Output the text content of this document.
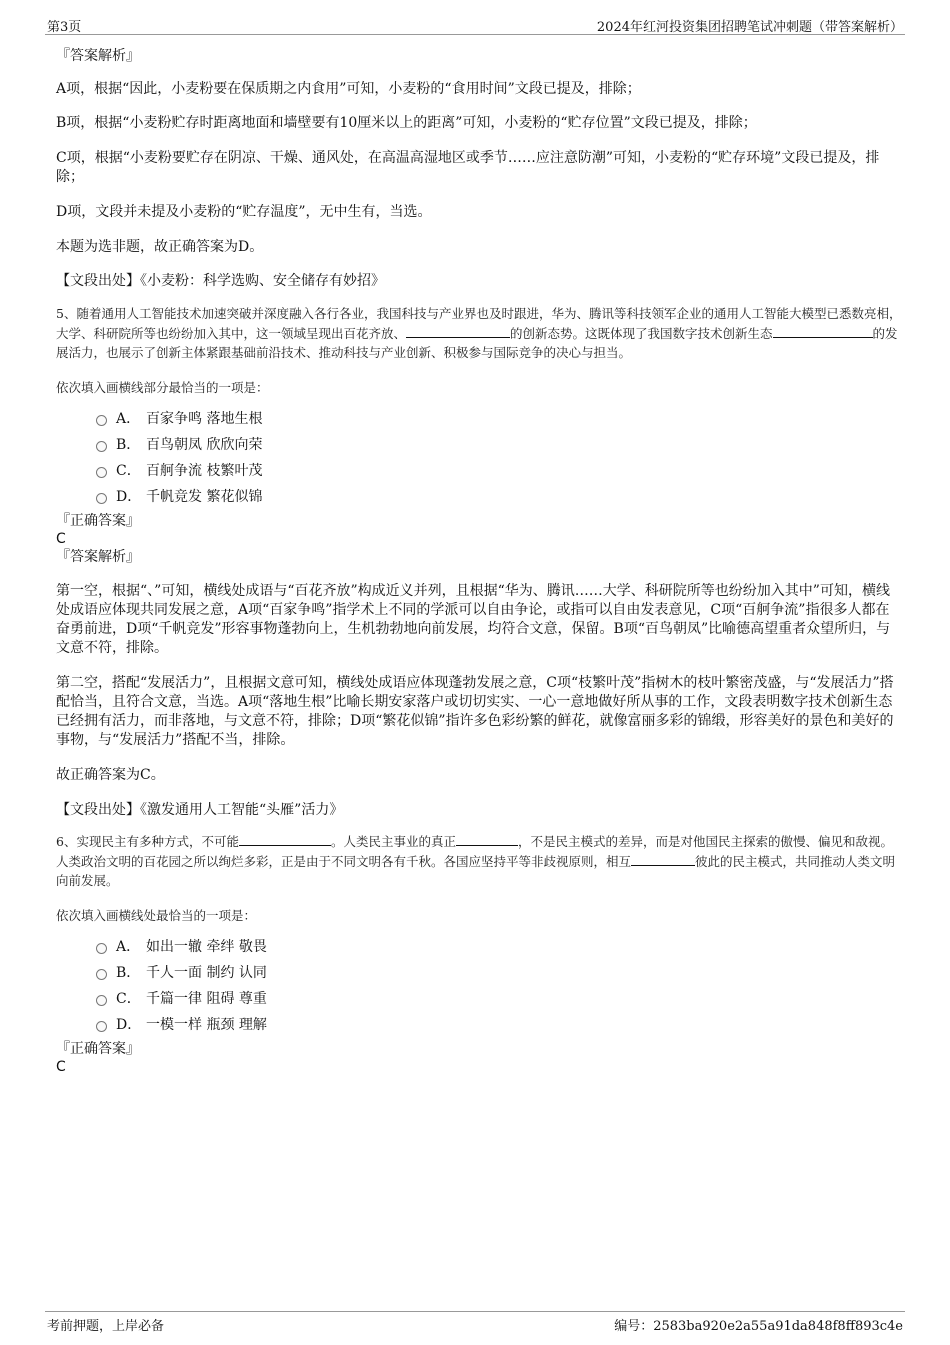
第3页	2024年红河投资集团招聘笔试冲刺题（带答案解析）

『答案解析』

A项，根据“因此，小麦粉要在保质期之内食用”可知，小麦粉的“食用时间”文段已提及，排除；

B项，根据“小麦粉贮存时距离地面和墙壁要有10厘米以上的距离”可知，小麦粉的“贮存位置”文段已提及，排除；

C项，根据“小麦粉要贮存在阴凉、干燥、通风处，在高温高湿地区或季节……应注意防潮”可知，小麦粉的“贮存环境”文段已提及，排除；

D项，文段并未提及小麦粉的“贮存温度”，无中生有，当选。

本题为选非题，故正确答案为D。

【文段出处】《小麦粉：科学选购、安全储存有妙招》

5、随着通用人工智能技术加速突破并深度融入各行各业，我国科技与产业界也及时跟进，华为、腾讯等科技领军企业的通用人工智能大模型已悉数亮相，大学、科研院所等也纷纷加入其中，这一领域呈现出百花齐放、	的创新态势。这既体现了我国数字技术创新生态	的发展活力，也展示了创新主体紧跟基础前沿技术、推动科技与产业创新、积极参与国际竞争的决心与担当。

依次填入画横线部分最恰当的一项是：

A． 百家争鸣 落地生根
B． 百鸟朝凤 欣欣向荣
C． 百舸争流 枝繁叶茂
D． 千帆竞发 繁花似锦

『正确答案』

C

『答案解析』

第一空，根据“、”可知，横线处成语与“百花齐放”构成近义并列，且根据“华为、腾讯……大学、科研院所等也纷纷加入其中”可知，横线处成语应体现共同发展之意，A项“百家争鸣”指学术上不同的学派可以自由争论，或指可以自由发表意见，C项“百舸争流”指很多人都在奋勇前进，D项“千帆竞发”形容事物蓬勃向上，生机勃勃地向前发展，均符合文意，保留。B项“百鸟朝凤”比喻德高望重者众望所归，与文意不符，排除。

第二空，搭配“发展活力”，且根据文意可知，横线处成语应体现蓬勃发展之意，C项“枝繁叶茂”指树木的枝叶繁密茂盛，与“发展活力”搭配恰当，且符合文意，当选。A项“落地生根”比喻长期安家落户或切切实实、一心一意地做好所从事的工作，文段表明数字技术创新生态已经拥有活力，而非落地，与文意不符，排除；D项“繁花似锦”指许多色彩纷繁的鲜花，就像富丽多彩的锦缎，形容美好的景色和美好的事物，与“发展活力”搭配不当，排除。

故正确答案为C。

【文段出处】《激发通用人工智能“头雁”活力》

6、实现民主有多种方式，不可能	。人类民主事业的真正	，不是民主模式的差异，而是对他国民主探索的傲慢、偏见和敌视。人类政治文明的百花园之所以绚烂多彩，正是由于不同文明各有千秋。各国应坚持平等非歧视原则，相互	彼此的民主模式，共同推动人类文明向前发展。

依次填入画横线处最恰当的一项是：

A． 如出一辙 牵绊 敬畏
B． 千人一面 制约 认同
C． 千篇一律 阻碍 尊重
D． 一模一样 瓶颈 理解

『正确答案』

C

考前押题，上岸必备	编号：2583ba920e2a55a91da848f8ff893c4e
